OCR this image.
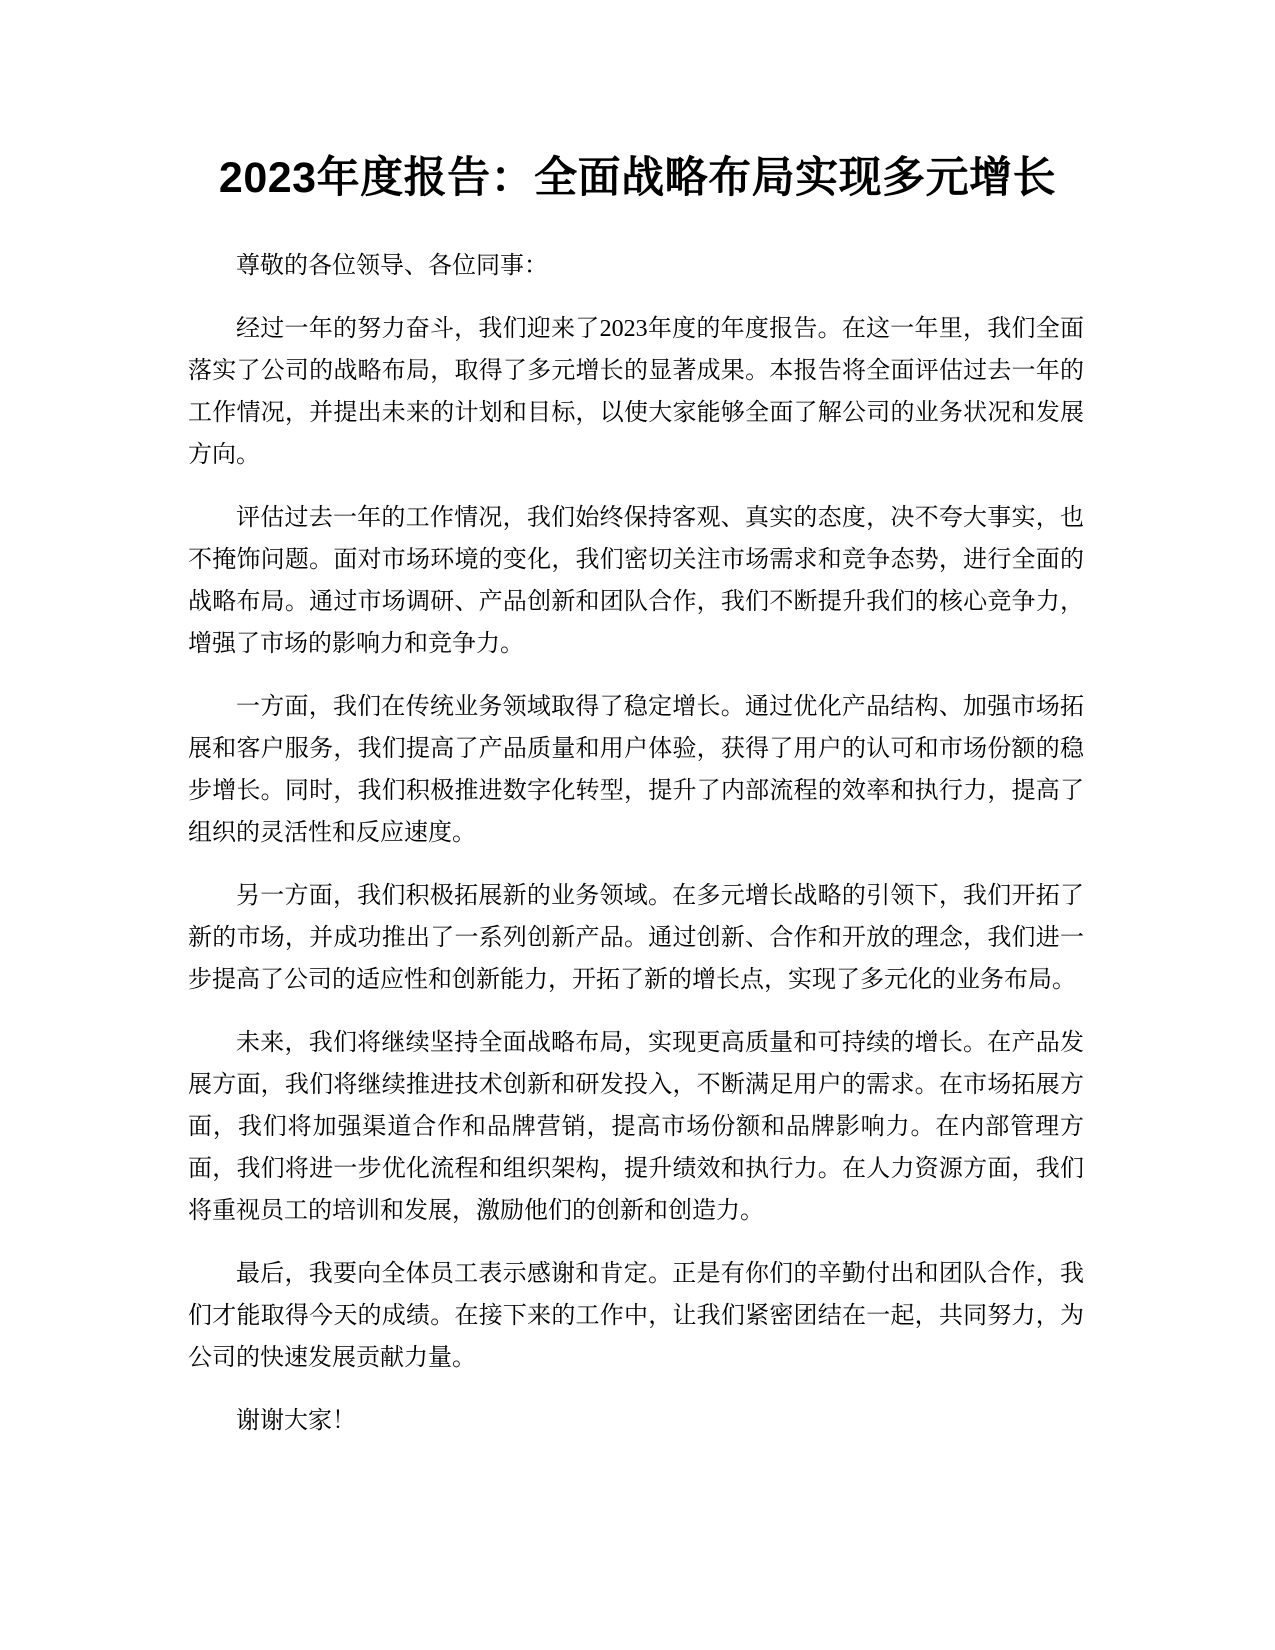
2023年度报告：全面战略布局实现多元增长

尊敬的各位领导、各位同事：

经过一年的努力奋斗，我们迎来了2023年度的年度报告。在这一年里，我们全面落实了公司的战略布局，取得了多元增长的显著成果。本报告将全面评估过去一年的工作情况，并提出未来的计划和目标，以使大家能够全面了解公司的业务状况和发展方向。

评估过去一年的工作情况，我们始终保持客观、真实的态度，决不夸大事实，也不掩饰问题。面对市场环境的变化，我们密切关注市场需求和竞争态势，进行全面的战略布局。通过市场调研、产品创新和团队合作，我们不断提升我们的核心竞争力，增强了市场的影响力和竞争力。

一方面，我们在传统业务领域取得了稳定增长。通过优化产品结构、加强市场拓展和客户服务，我们提高了产品质量和用户体验，获得了用户的认可和市场份额的稳步增长。同时，我们积极推进数字化转型，提升了内部流程的效率和执行力，提高了组织的灵活性和反应速度。

另一方面，我们积极拓展新的业务领域。在多元增长战略的引领下，我们开拓了新的市场，并成功推出了一系列创新产品。通过创新、合作和开放的理念，我们进一步提高了公司的适应性和创新能力，开拓了新的增长点，实现了多元化的业务布局。

未来，我们将继续坚持全面战略布局，实现更高质量和可持续的增长。在产品发展方面，我们将继续推进技术创新和研发投入，不断满足用户的需求。在市场拓展方面，我们将加强渠道合作和品牌营销，提高市场份额和品牌影响力。在内部管理方面，我们将进一步优化流程和组织架构，提升绩效和执行力。在人力资源方面，我们将重视员工的培训和发展，激励他们的创新和创造力。

最后，我要向全体员工表示感谢和肯定。正是有你们的辛勤付出和团队合作，我们才能取得今天的成绩。在接下来的工作中，让我们紧密团结在一起，共同努力，为公司的快速发展贡献力量。

谢谢大家！
